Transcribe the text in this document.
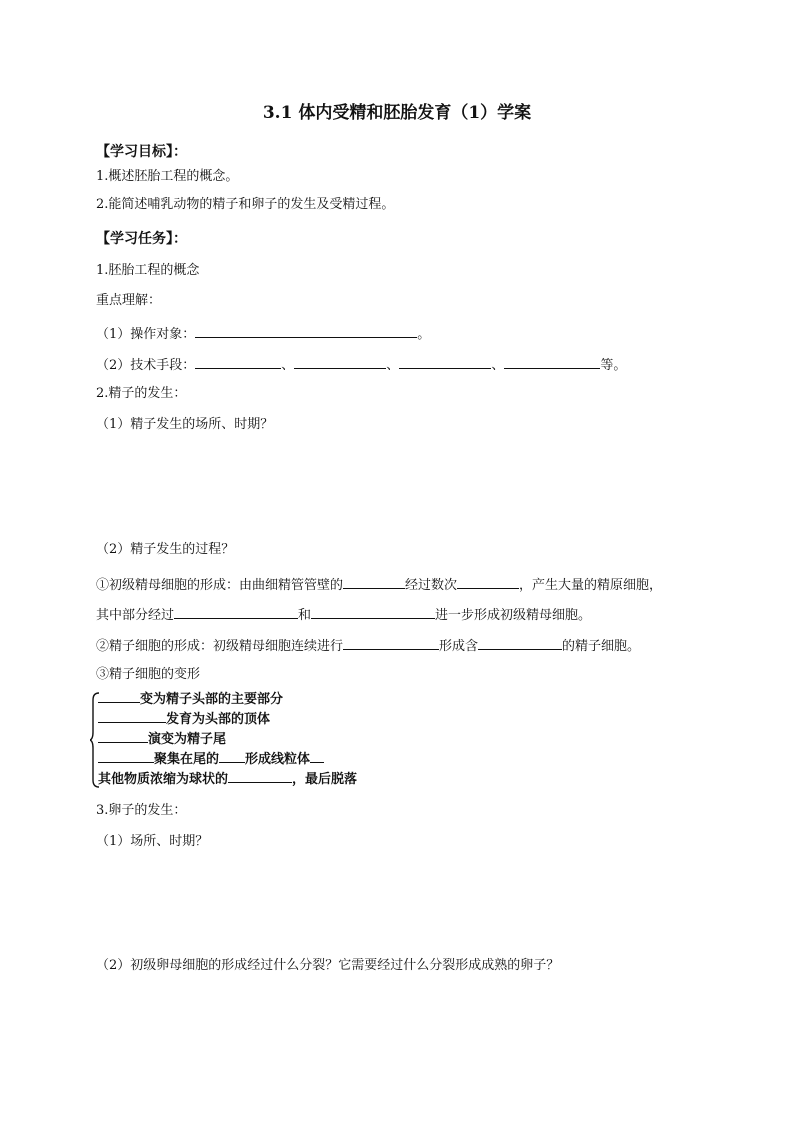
3.1 体内受精和胚胎发育（1）学案
【学习目标】：
1.概述胚胎工程的概念。
2.能简述哺乳动物的精子和卵子的发生及受精过程。
【学习任务】：
1.胚胎工程的概念
重点理解：
（1）操作对象：	。
（2）技术手段：	、	、	、	等。
2.精子的发生：
（1）精子发生的场所、时期？
（2）精子发生的过程？
①初级精母细胞的形成：由曲细精管管壁的	经过数次	，产生大量的精原细胞，
其中部分经过	和	进一步形成初级精母细胞。
②精子细胞的形成：初级精母细胞连续进行	形成含	的精子细胞。
③精子细胞的变形
变为精子头部的主要部分
发育为头部的顶体
演变为精子尾
聚集在尾的 形成线粒体
其他物质浓缩为球状的	，最后脱落
3.卵子的发生：
（1）场所、时期？
（2）初级卵母细胞的形成经过什么分裂？它需要经过什么分裂形成成熟的卵子？
